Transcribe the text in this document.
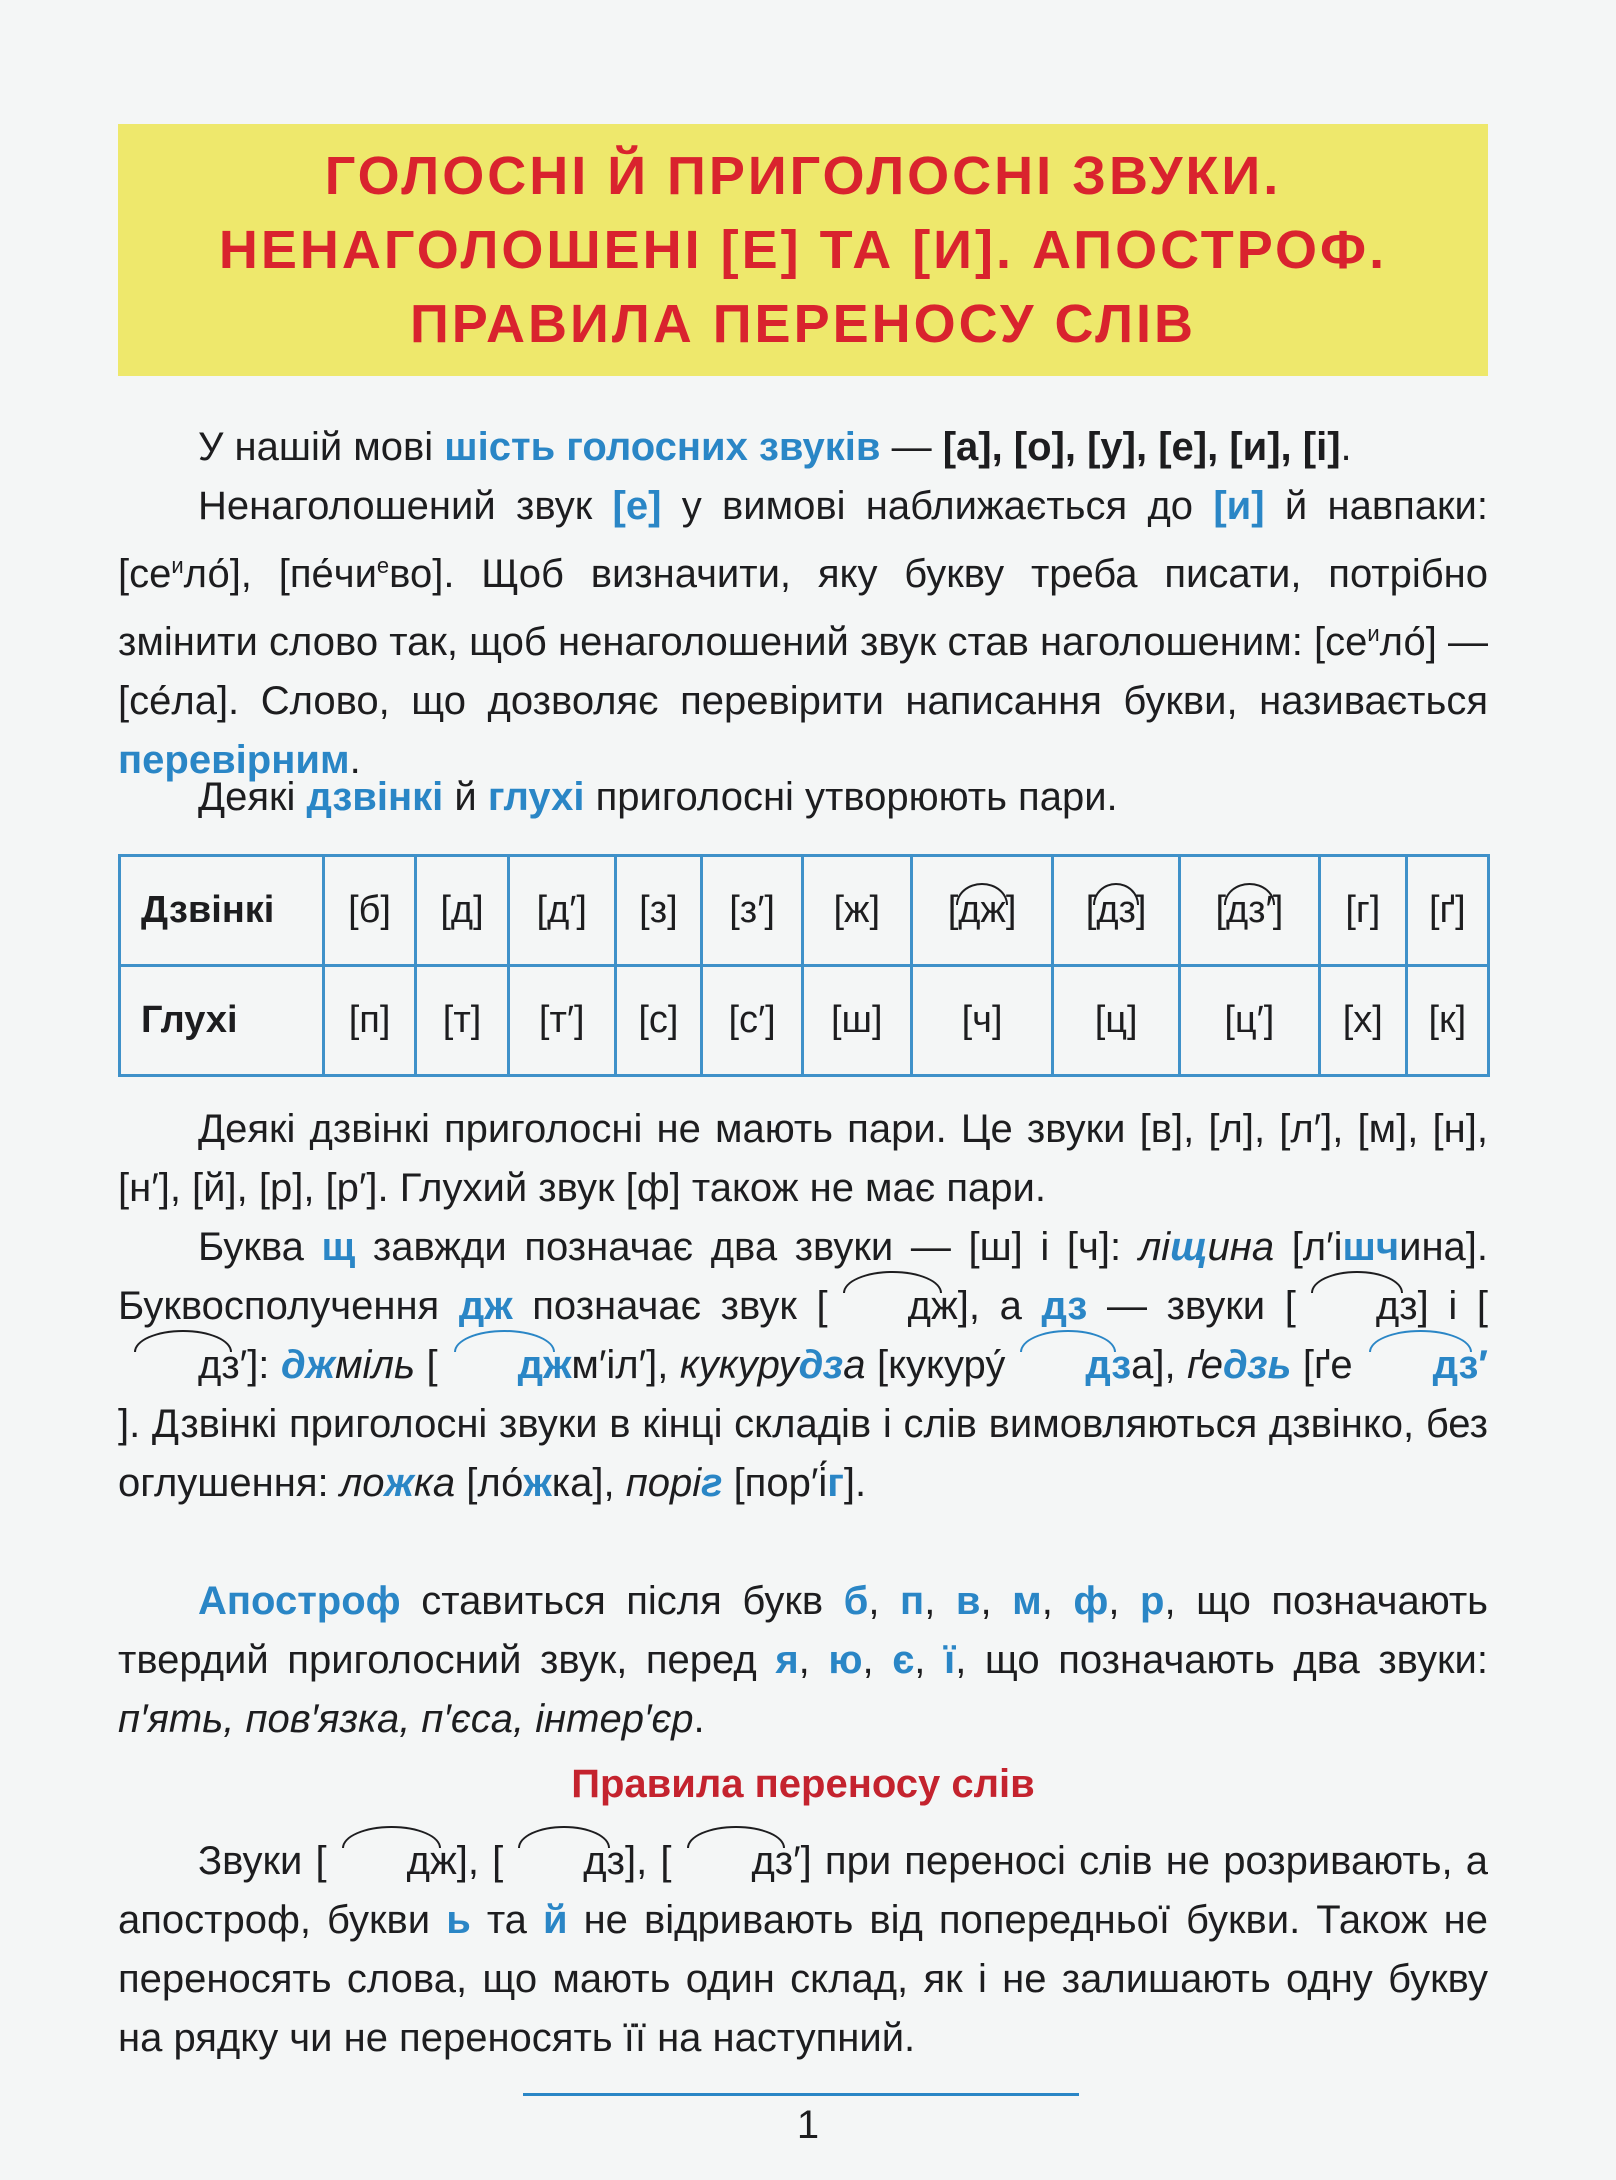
ГОЛОСНІ Й ПРИГОЛОСНІ ЗВУКИ.
НЕНАГОЛОШЕНІ [Е] ТА [И]. АПОСТРОФ.
ПРАВИЛА ПЕРЕНОСУ СЛІВ

У нашій мові шість голосних звуків — [а], [о], [у], [е], [и], [і].

Ненаголошений звук [е] у вимові наближається до [и] й навпаки: $[се^ило́]$, $[пе́чи^ево]$. Щоб визначити, яку букву треба писати, потрібно змінити слово так, щоб ненаголошений звук став наголошеним: $[се^ило́]$ — [се́ла]. Слово, що дозволяє перевірити написання букви, називається перевірним.

Деякі дзвінкі й глухі приголосні утворюють пари.

Дзвінкі	[б]	[д]	[д′]	[з]	[з′]	[ж]	[дж]	[дз]	[дз′]	[г]	[ґ]
Глухі	[п]	[т]	[т′]	[с]	[с′]	[ш]	[ч]	[ц]	[ц′]	[х]	[к]

Деякі дзвінкі приголосні не мають пари. Це звуки [в], [л], [л′], [м], [н], [н′], [й], [р], [р′]. Глухий звук [ф] також не має пари.

Буква щ завжди позначає два звуки — [ш] і [ч]: ліщина [л′ішчина]. Буквосполучення дж позначає звук [ дж], а дз — звуки [ дз] і [дз′]: джміль [ джм′іл′], кукурудза [кукуру́ дза], ґедзь [ґе дз′]. Дзвінкі приголосні звуки в кінці складів і слів вимовляються дзвінко, без оглушення: ложка [ло́жка], поріг [пор′і́г].

Апостроф ставиться після букв б, п, в, м, ф, р, що позначають твердий приголосний звук, перед я, ю, є, ї, що позначають два звуки: п′ять, пов′язка, п′єса, інтер′єр.

Правила переносу слів

Звуки [ дж], [ дз], [ дз′] при переносі слів не розривають, а апостроф, букви ь та й не відривають від попередньої букви. Також не переносять слова, що мають один склад, як і не залишають одну букву на рядку чи не переносять її на наступний.

1
